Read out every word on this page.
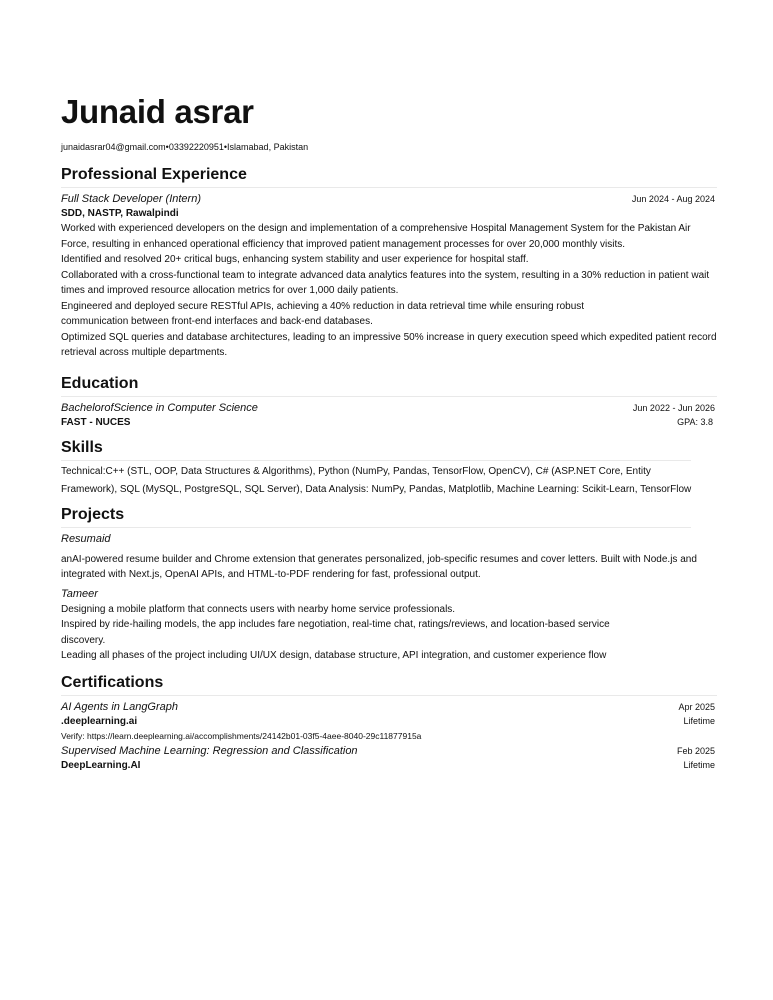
Junaid asrar
junaidasrar04@gmail.com•03392220951•Islamabad, Pakistan
Professional Experience
Full Stack Developer (Intern)	Jun 2024 - Aug 2024
SDD, NASTP, Rawalpindi

Worked with experienced developers on the design and implementation of a comprehensive Hospital Management System for the Pakistan Air Force, resulting in enhanced operational efficiency that improved patient management processes for over 20,000 monthly visits.

Identified and resolved 20+ critical bugs, enhancing system stability and user experience for hospital staff.

Collaborated with a cross-functional team to integrate advanced data analytics features into the system, resulting in a 30% reduction in patient wait times and improved resource allocation metrics for over 1,000 daily patients.

Engineered and deployed secure RESTful APIs, achieving a 40% reduction in data retrieval time while ensuring robust communication between front-end interfaces and back-end databases.

Optimized SQL queries and database architectures, leading to an impressive 50% increase in query execution speed which expedited patient record retrieval across multiple departments.

Education
BachelorofScience in Computer Science	Jun 2022 - Jun 2026
FAST - NUCES	GPA: 3.8
Skills
Technical:C++ (STL, OOP, Data Structures & Algorithms), Python (NumPy, Pandas, TensorFlow, OpenCV), C# (ASP.NET Core, Entity Framework), SQL (MySQL, PostgreSQL, SQL Server), Data Analysis: NumPy, Pandas, Matplotlib, Machine Learning: Scikit-Learn, TensorFlow
Projects
Resumaid
anAI-powered resume builder and Chrome extension that generates personalized, job-specific resumes and cover letters. Built with Node.js and integrated with Next.js, OpenAI APIs, and HTML-to-PDF rendering for fast, professional output.
Tameer

Designing a mobile platform that connects users with nearby home service professionals.

Inspired by ride-hailing models, the app includes fare negotiation, real-time chat, ratings/reviews, and location-based service discovery.

Leading all phases of the project including UI/UX design, database structure, API integration, and customer experience flow

Certifications
AI Agents in LangGraph	Apr 2025
.deeplearning.ai	Lifetime
Verify: https://learn.deeplearning.ai/accomplishments/24142b01-03f5-4aee-8040-29c11877915a
Supervised Machine Learning: Regression and Classification	Feb 2025
DeepLearning.AI	Lifetime
